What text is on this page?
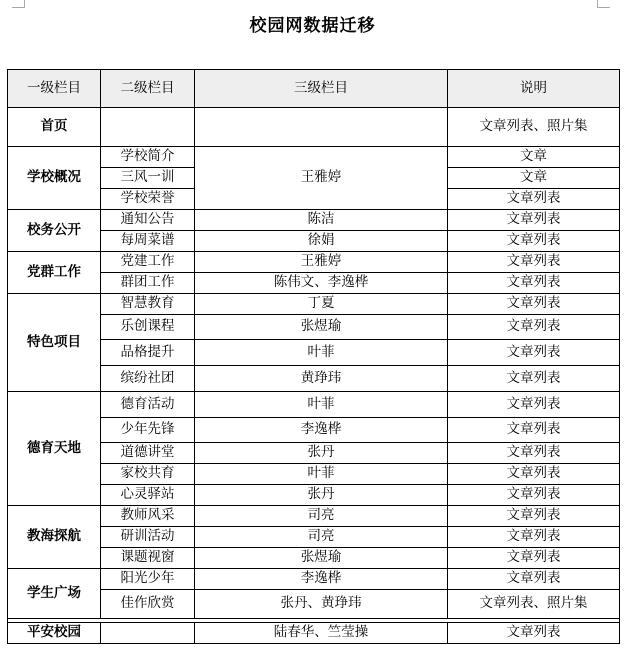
校园网数据迁移
一级栏目	二级栏目	三级栏目	说明
首页			文章列表、照片集
学校概况	学校简介	王雅婷	文章
	三风一训		文章
	学校荣誉		文章列表
校务公开	通知公告	陈洁	文章列表
	每周菜谱	徐娟	文章列表
党群工作	党建工作	王雅婷	文章列表
	群团工作	陈伟文、李逸桦	文章列表
特色项目	智慧教育	丁夏	文章列表
	乐创课程	张煜瑜	文章列表
	品格提升	叶菲	文章列表
	缤纷社团	黄琤玮	文章列表
德育天地	德育活动	叶菲	文章列表
	少年先锋	李逸桦	文章列表
	道德讲堂	张丹	文章列表
	家校共育	叶菲	文章列表
	心灵驿站	张丹	文章列表
教海探航	教师风采	司亮	文章列表
	研训活动	司亮	文章列表
	课题视窗	张煜瑜	文章列表
学生广场	阳光少年	李逸桦	文章列表
	佳作欣赏	张丹、黄琤玮	文章列表、照片集

平安校园		陆春华、竺莹操	文章列表
